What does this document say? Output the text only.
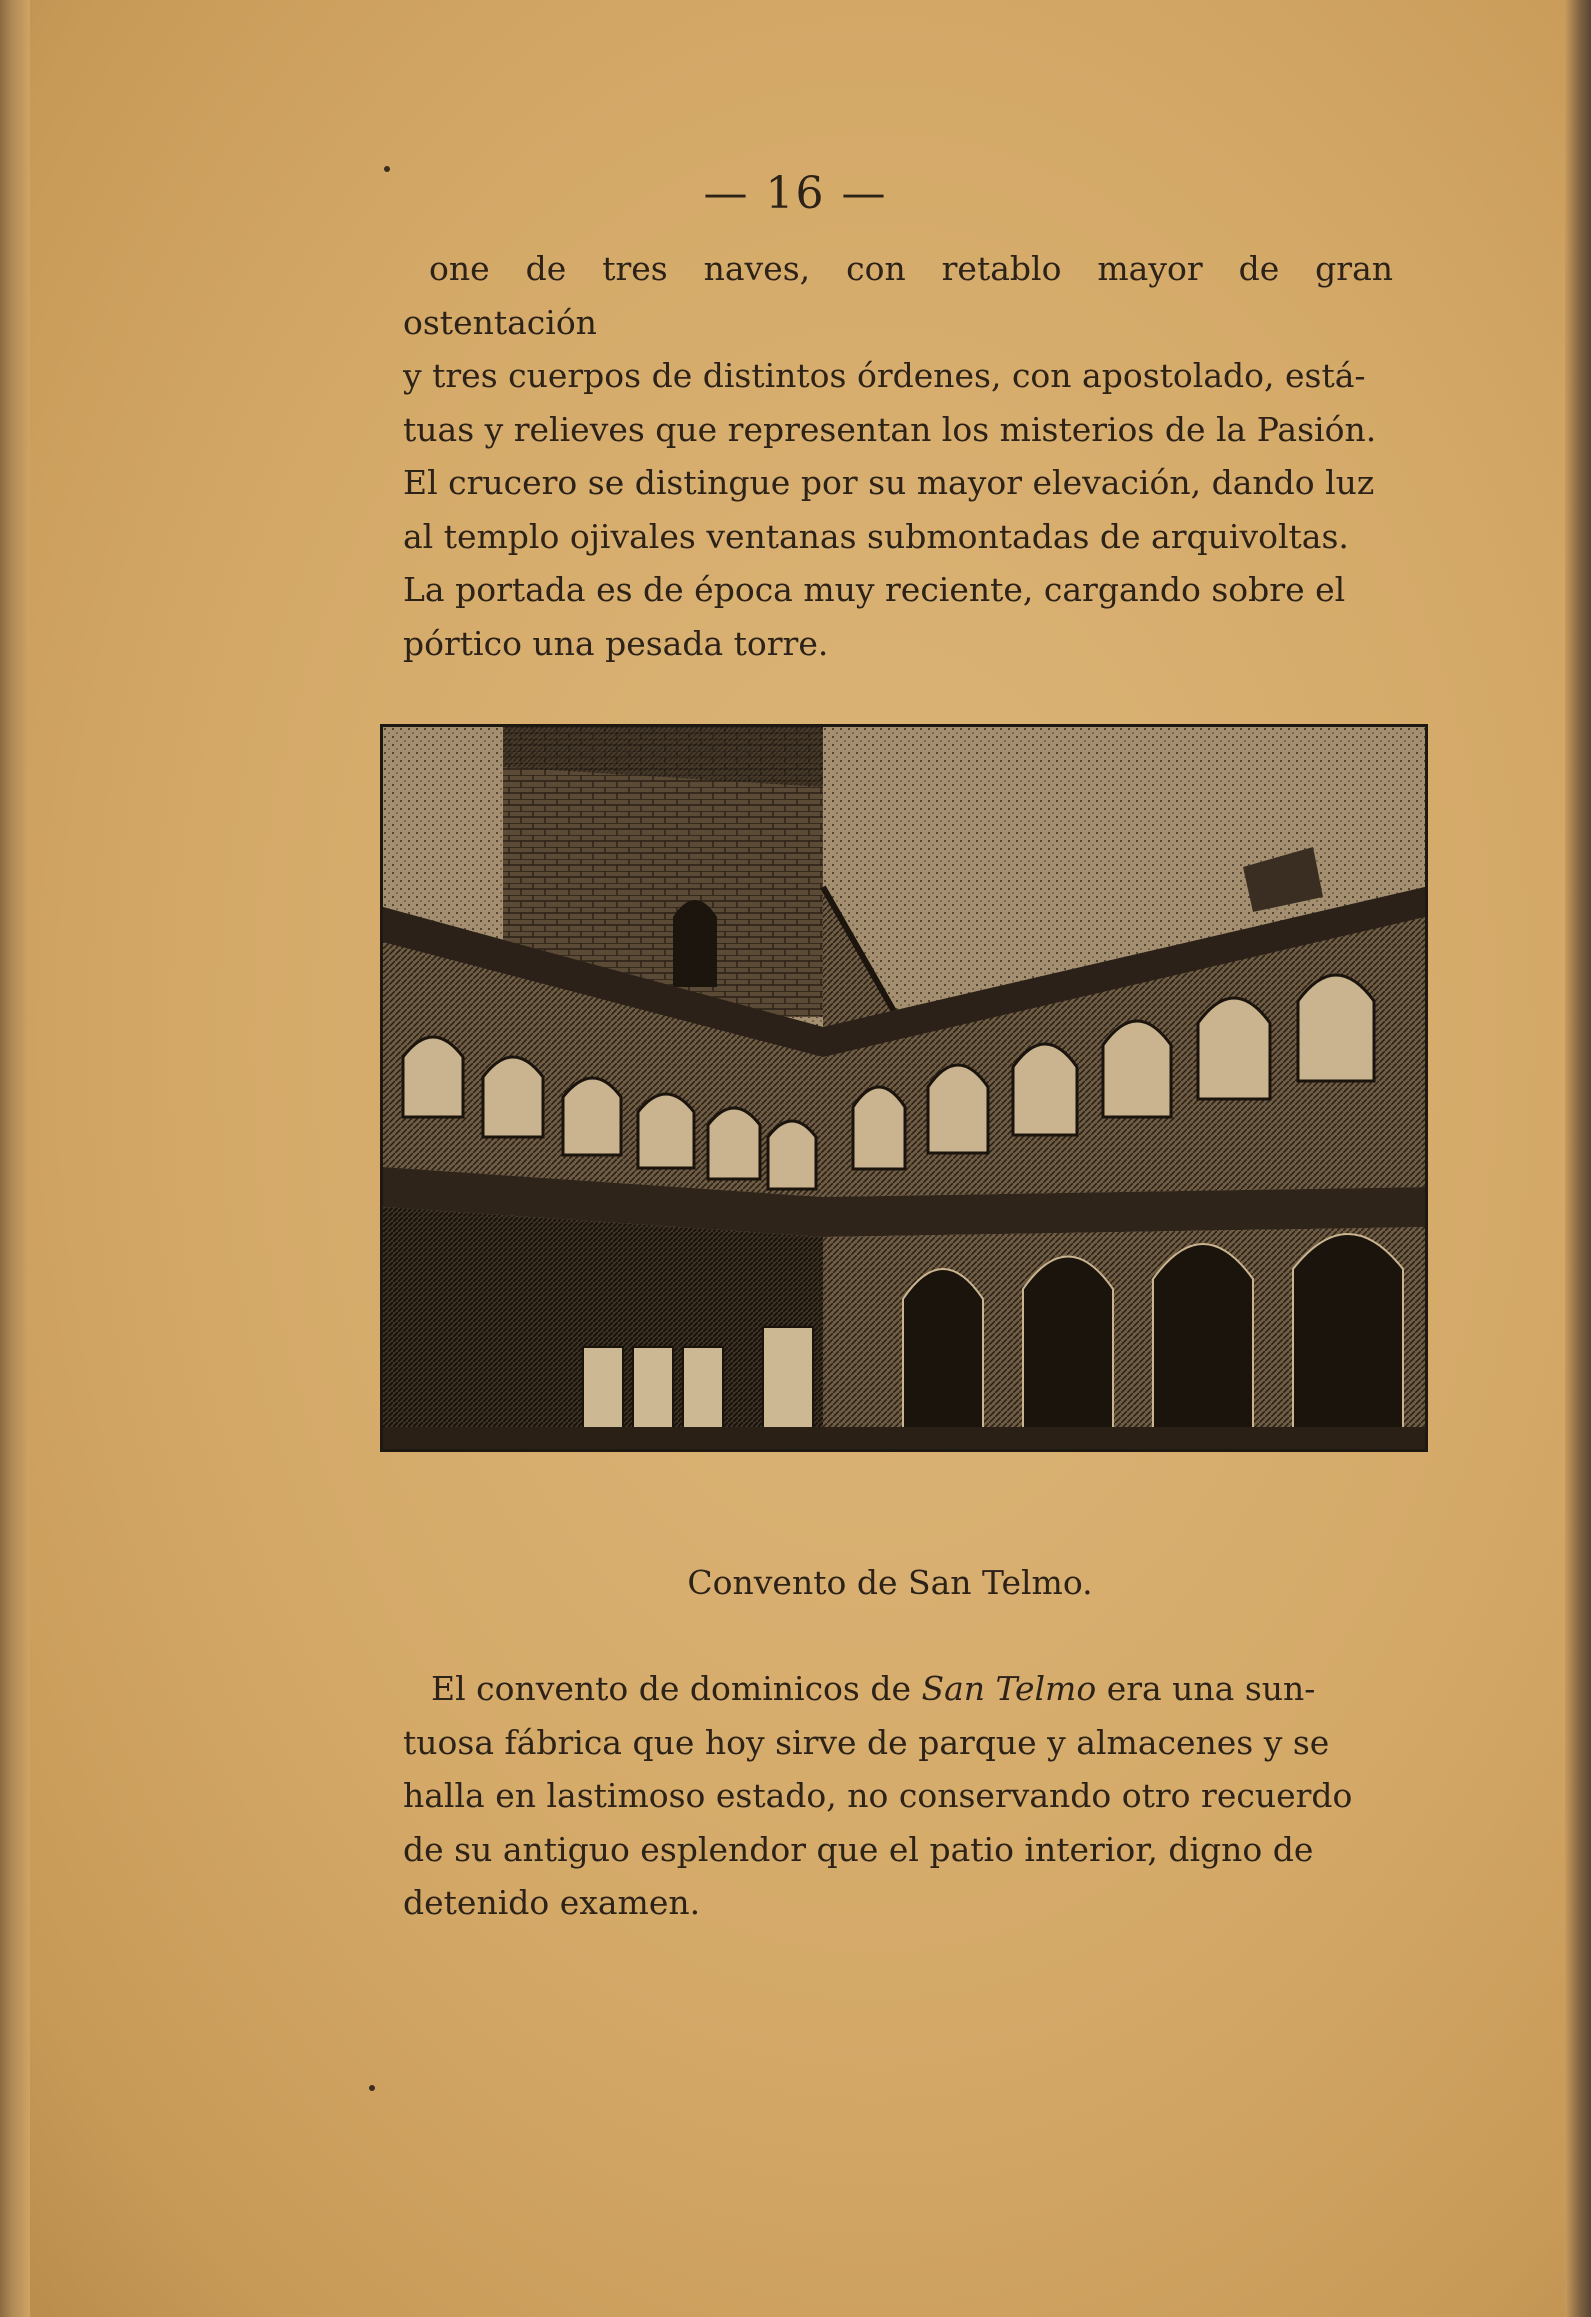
— 16 —

one de tres naves, con retablo mayor de gran ostentación

y tres cuerpos de distintos órdenes, con apostolado, está-

tuas y relieves que representan los misterios de la Pasión.

El crucero se distingue por su mayor elevación, dando luz

al templo ojivales ventanas submontadas de arquivoltas.

La portada es de época muy reciente, cargando sobre el

pórtico una pesada torre.

Convento de San Telmo.

El convento de dominicos de San Telmo era una sun-

tuosa fábrica que hoy sirve de parque y almacenes y se

halla en lastimoso estado, no conservando otro recuerdo

de su antiguo esplendor que el patio interior, digno de

detenido examen.
